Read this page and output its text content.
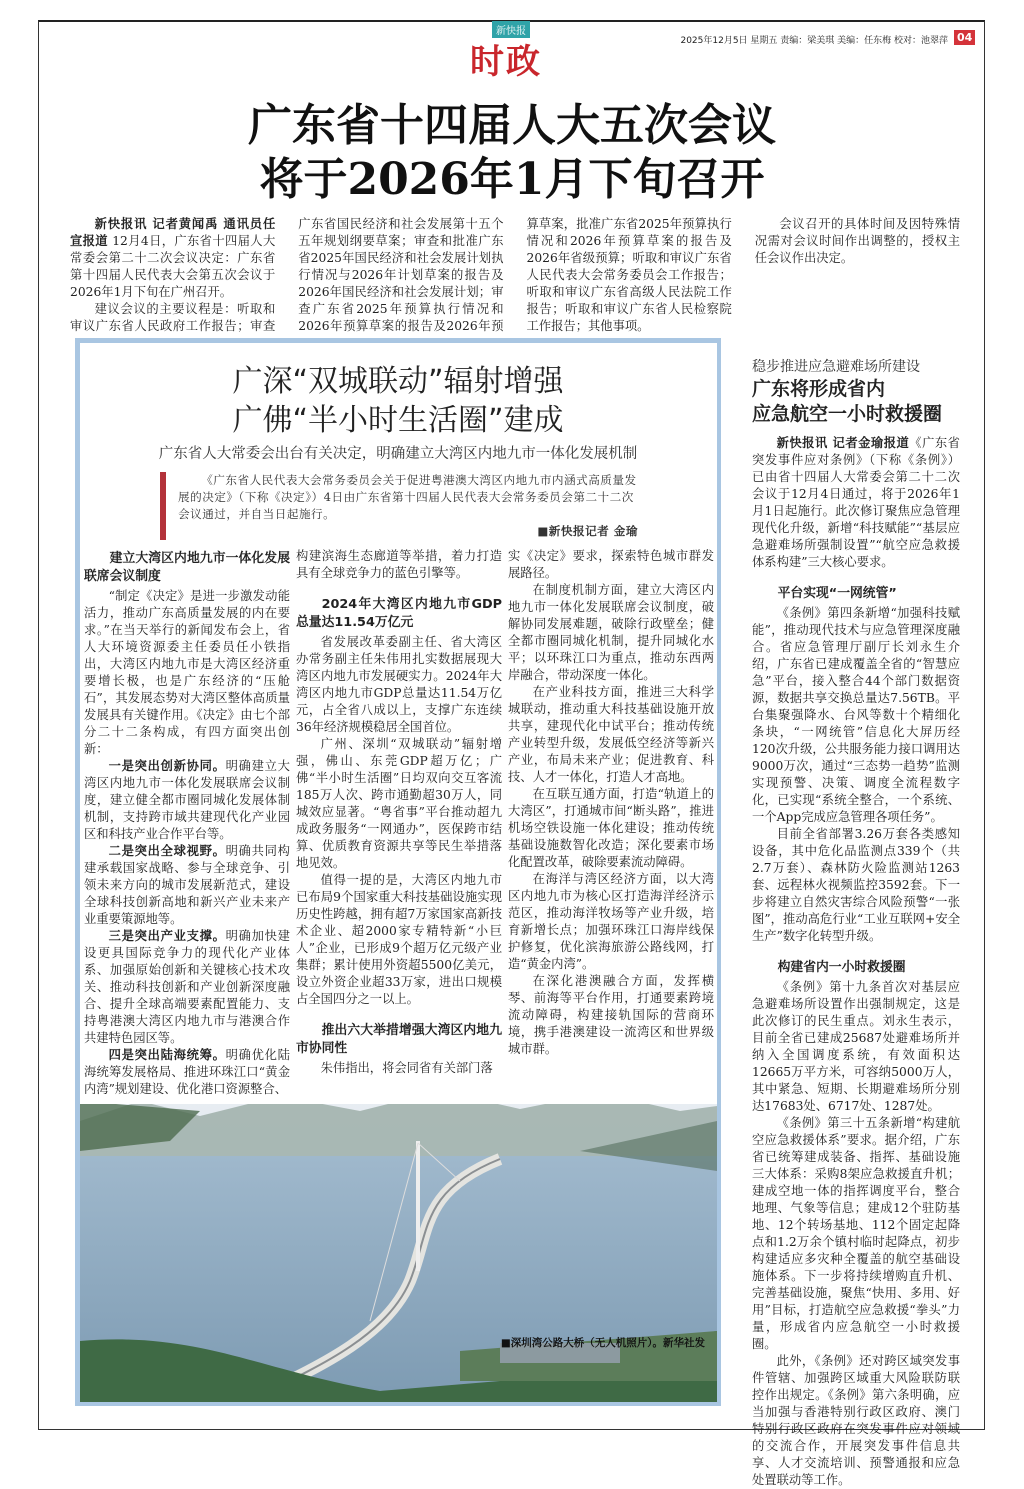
新快报
时政
2025年12月5日 星期五 责编：梁美琪 美编：任东梅 校对：池翠萍 04
广东省十四届人大五次会议
将于2026年1月下旬召开

新快报讯 记者黄闻禹 通讯员任宣报道 12月4日，广东省十四届人大常委会第二十二次会议决定：广东省第十四届人民代表大会第五次会议于2026年1月下旬在广州召开。

建议会议的主要议程是：听取和审议广东省人民政府工作报告；审查广东省国民经济和社会发展第十五个五年规划纲要草案；审查和批准广东省2025年国民经济和社会发展计划执行情况与2026年计划草案的报告及2026年国民经济和社会发展计划；审查广东省2025年预算执行情况和2026年预算草案的报告及2026年预算草案，批准广东省2025年预算执行情况和2026年预算草案的报告及2026年省级预算；听取和审议广东省人民代表大会常务委员会工作报告；听取和审议广东省高级人民法院工作报告；听取和审议广东省人民检察院工作报告；其他事项。

会议召开的具体时间及因特殊情况需对会议时间作出调整的，授权主任会议作出决定。

广深“双城联动”辐射增强
广佛“半小时生活圈”建成
广东省人大常委会出台有关决定，明确建立大湾区内地九市一体化发展机制

《广东省人民代表大会常务委员会关于促进粤港澳大湾区内地九市内涵式高质量发展的决定》（下称《决定》）4日由广东省第十四届人民代表大会常务委员会第二十二次会议通过，并自当日起施行。

■新快报记者 金瑜

建立大湾区内地九市一体化发展联席会议制度

“制定《决定》是进一步激发动能活力，推动广东高质量发展的内在要求。”在当天举行的新闻发布会上，省人大环境资源委主任委员任小铁指出，大湾区内地九市是大湾区经济重要增长极，也是广东经济的“压舱石”，其发展态势对大湾区整体高质量发展具有关键作用。《决定》由七个部分二十二条构成，有四方面突出创新：

一是突出创新协同。明确建立大湾区内地九市一体化发展联席会议制度，建立健全都市圈同城化发展体制机制，支持跨市域共建现代化产业园区和科技产业合作平台等。

二是突出全球视野。明确共同构建承载国家战略、参与全球竞争、引领未来方向的城市发展新范式，建设全球科技创新高地和新兴产业未来产业重要策源地等。

三是突出产业支撑。明确加快建设更具国际竞争力的现代化产业体系、加强原始创新和关键核心技术攻关、推动科技创新和产业创新深度融合、提升全球高端要素配置能力、支持粤港澳大湾区内地九市与港澳合作共建特色园区等。

四是突出陆海统筹。明确优化陆海统筹发展格局、推进环珠江口“黄金内湾”规划建设、优化港口资源整合、

构建滨海生态廊道等举措，着力打造具有全球竞争力的蓝色引擎等。

2024年大湾区内地九市GDP总量达11.54万亿元

省发展改革委副主任、省大湾区办常务副主任朱伟用扎实数据展现大湾区内地九市发展硬实力。2024年大湾区内地九市GDP总量达11.54万亿元，占全省八成以上，支撑广东连续36年经济规模稳居全国首位。

广州、深圳“双城联动”辐射增强，佛山、东莞GDP超万亿；广佛“半小时生活圈”日均双向交互客流185万人次、跨市通勤超30万人，同城效应显著。“粤省事”平台推动超九成政务服务“一网通办”，医保跨市结算、优质教育资源共享等民生举措落地见效。

值得一提的是，大湾区内地九市已布局9个国家重大科技基础设施实现历史性跨越，拥有超7万家国家高新技术企业、超2000家专精特新“小巨人”企业，已形成9个超万亿元级产业集群；累计使用外资超5500亿美元，设立外资企业超33万家，进出口规模占全国四分之一以上。

推出六大举措增强大湾区内地九市协同性

朱伟指出，将会同省有关部门落

实《决定》要求，探索特色城市群发展路径。

在制度机制方面，建立大湾区内地九市一体化发展联席会议制度，破解协同发展难题，破除行政壁垒；健全都市圈同城化机制，提升同城化水平；以环珠江口为重点，推动东西两岸融合，带动深度一体化。

在产业科技方面，推进三大科学城联动，推动重大科技基础设施开放共享，建现代化中试平台；推动传统产业转型升级，发展低空经济等新兴产业，布局未来产业；促进教育、科技、人才一体化，打造人才高地。

在互联互通方面，打造“轨道上的大湾区”，打通城市间“断头路”，推进机场空铁设施一体化建设；推动传统基础设施数智化改造；深化要素市场化配置改革，破除要素流动障碍。

在海洋与湾区经济方面，以大湾区内地九市为核心区打造海洋经济示范区，推动海洋牧场等产业升级，培育新增长点；加强环珠江口海岸线保护修复，优化滨海旅游公路线网，打造“黄金内湾”。

在深化港澳融合方面，发挥横琴、前海等平台作用，打通要素跨境流动障碍，构建接轨国际的营商环境，携手港澳建设一流湾区和世界级城市群。

■深圳湾公路大桥（无人机照片）。新华社发
稳步推进应急避难场所建设
广东将形成省内
应急航空一小时救援圈

新快报讯 记者金瑜报道《广东省突发事件应对条例》（下称《条例》）已由省十四届人大常委会第二十二次会议于12月4日通过，将于2026年1月1日起施行。此次修订聚焦应急管理现代化升级，新增“科技赋能”“基层应急避难场所强制设置”“航空应急救援体系构建”三大核心要求。

平台实现“一网统管”

《条例》第四条新增“加强科技赋能”，推动现代技术与应急管理深度融合。省应急管理厅副厅长刘永生介绍，广东省已建成覆盖全省的“智慧应急”平台，接入整合44个部门数据资源，数据共享交换总量达7.56TB。平台集聚强降水、台风等数十个精细化条块，“一网统管”信息化大屏历经120次升级，公共服务能力接口调用达9000万次，通过“三态势一趋势”监测实现预警、决策、调度全流程数字化，已实现“系统全整合，一个系统、一个App完成应急管理各项任务”。

目前全省部署3.26万套各类感知设备，其中危化品监测点339个（共2.7万套）、森林防火险监测站1263套、远程林火视频监控3592套。下一步将建立自然灾害综合风险预警“一张图”，推动高危行业“工业互联网+安全生产”数字化转型升级。

构建省内一小时救援圈

《条例》第十九条首次对基层应急避难场所设置作出强制规定，这是此次修订的民生重点。刘永生表示，目前全省已建成25687处避难场所并纳入全国调度系统，有效面积达12665万平方米，可容纳5000万人，其中紧急、短期、长期避难场所分别达17683处、6717处、1287处。

《条例》第三十五条新增“构建航空应急救援体系”要求。据介绍，广东省已统筹建成装备、指挥、基础设施三大体系：采购8架应急救援直升机；建成空地一体的指挥调度平台，整合地理、气象等信息；建成12个驻防基地、12个转场基地、112个固定起降点和1.2万余个镇村临时起降点，初步构建适应多灾种全覆盖的航空基础设施体系。下一步将持续增购直升机、完善基础设施，聚焦“快用、多用、好用”目标，打造航空应急救援“拳头”力量，形成省内应急航空一小时救援圈。

此外，《条例》还对跨区域突发事件管辖、加强跨区域重大风险联防联控作出规定。《条例》第六条明确，应当加强与香港特别行政区政府、澳门特别行政区政府在突发事件应对领域的交流合作，开展突发事件信息共享、人才交流培训、预警通报和应急处置联动等工作。
